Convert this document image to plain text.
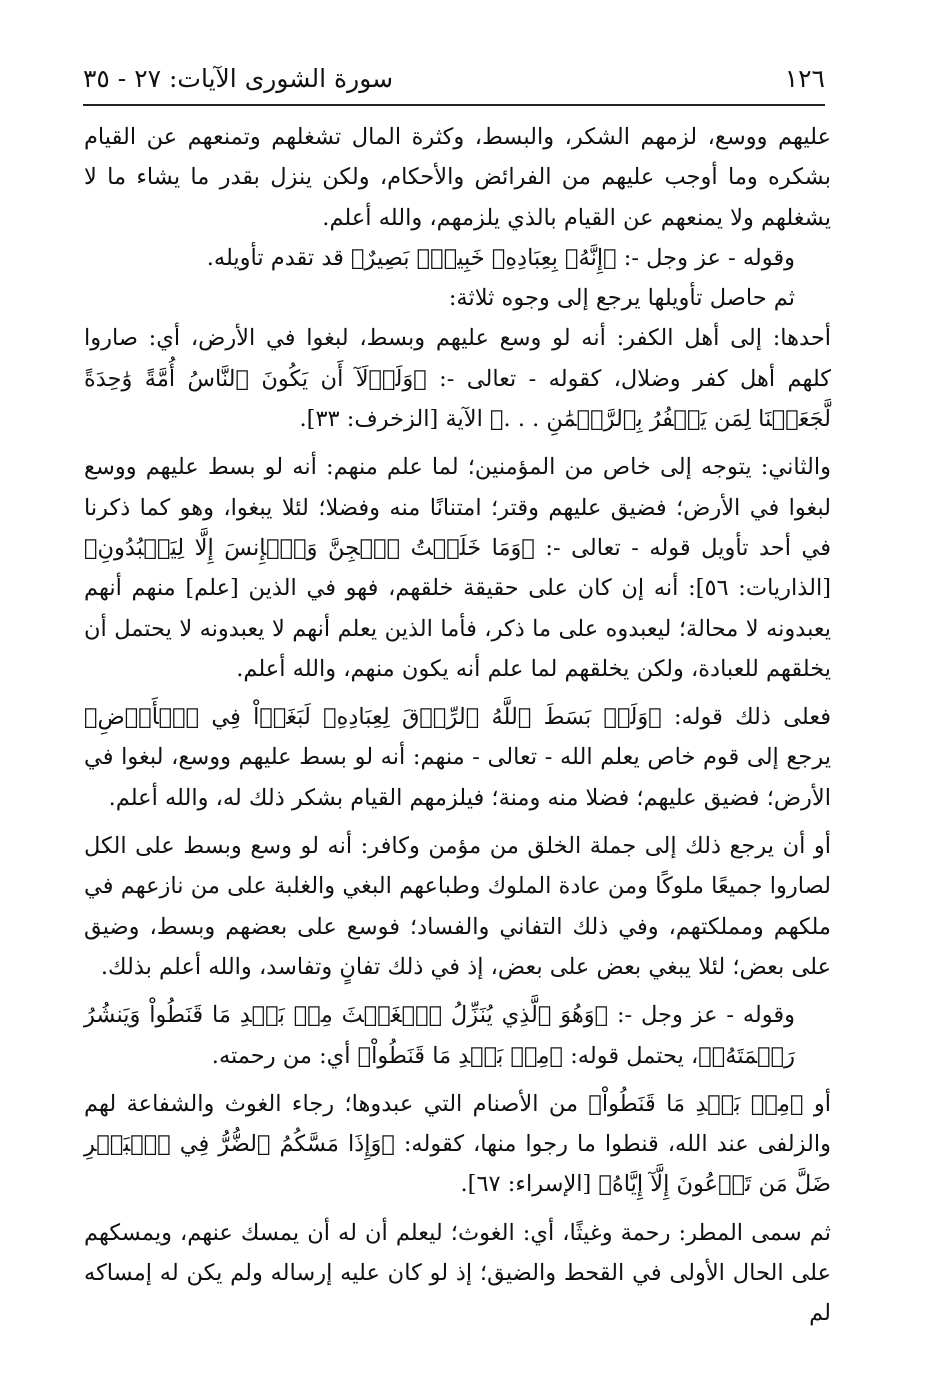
١٢٦
سورة الشورى الآيات: ٢٧ - ٣٥

عليهم ووسع، لزمهم الشكر، والبسط، وكثرة المال تشغلهم وتمنعهم عن القيام بشكره وما أوجب عليهم من الفرائض والأحكام، ولكن ينزل بقدر ما يشاء ما لا يشغلهم ولا يمنعهم عن القيام بالذي يلزمهم، والله أعلم.

وقوله - عز وجل -: ﴿إِنَّهُۥ بِعِبَادِهِۦ خَبِيرُۢ بَصِيرٌ﴾ قد تقدم تأويله.

ثم حاصل تأويلها يرجع إلى وجوه ثلاثة:

أحدها: إلى أهل الكفر: أنه لو وسع عليهم وبسط، لبغوا في الأرض، أي: صاروا كلهم أهل كفر وضلال، كقوله - تعالى -: ﴿وَلَوۡلَآ أَن يَكُونَ ٱلنَّاسُ أُمَّةً وَٰحِدَةً لَّجَعَلۡنَا لِمَن يَكۡفُرُ بِٱلرَّحۡمَٰنِ . . .﴾ الآية [الزخرف: ٣٣].

والثاني: يتوجه إلى خاص من المؤمنين؛ لما علم منهم: أنه لو بسط عليهم ووسع لبغوا في الأرض؛ فضيق عليهم وقتر؛ امتنانًا منه وفضلا؛ لئلا يبغوا، وهو كما ذكرنا في أحد تأويل قوله - تعالى -: ﴿وَمَا خَلَقۡتُ ٱلۡجِنَّ وَٱلۡإِنسَ إِلَّا لِيَعۡبُدُونِ﴾ [الذاريات: ٥٦]: أنه إن كان على حقيقة خلقهم، فهو في الذين [علم] منهم أنهم يعبدونه لا محالة؛ ليعبدوه على ما ذكر، فأما الذين يعلم أنهم لا يعبدونه لا يحتمل أن يخلقهم للعبادة، ولكن يخلقهم لما علم أنه يكون منهم، والله أعلم.

فعلى ذلك قوله: ﴿وَلَوۡ بَسَطَ ٱللَّهُ ٱلرِّزۡقَ لِعِبَادِهِۦ لَبَغَوۡاْ فِي ٱلۡأَرۡضِ﴾ يرجع إلى قوم خاص يعلم الله - تعالى - منهم: أنه لو بسط عليهم ووسع، لبغوا في الأرض؛ فضيق عليهم؛ فضلا منه ومنة؛ فيلزمهم القيام بشكر ذلك له، والله أعلم.

أو أن يرجع ذلك إلى جملة الخلق من مؤمن وكافر: أنه لو وسع وبسط على الكل لصاروا جميعًا ملوكًا ومن عادة الملوك وطباعهم البغي والغلبة على من نازعهم في ملكهم ومملكتهم، وفي ذلك التفاني والفساد؛ فوسع على بعضهم وبسط، وضيق على بعض؛ لئلا يبغي بعض على بعض، إذ في ذلك تفانٍ وتفاسد، والله أعلم بذلك.

وقوله - عز وجل -: ﴿وَهُوَ ٱلَّذِي يُنَزِّلُ ٱلۡغَيۡثَ مِنۢ بَعۡدِ مَا قَنَطُواْ وَيَنشُرُ رَحۡمَتَهُۥ﴾، يحتمل قوله: ﴿مِنۢ بَعۡدِ مَا قَنَطُواْ﴾ أي: من رحمته.

أو ﴿مِنۢ بَعۡدِ مَا قَنَطُواْ﴾ من الأصنام التي عبدوها؛ رجاء الغوث والشفاعة لهم والزلفى عند الله، قنطوا ما رجوا منها، كقوله: ﴿وَإِذَا مَسَّكُمُ ٱلضُّرُّ فِي ٱلۡبَحۡرِ ضَلَّ مَن تَدۡعُونَ إِلَّآ إِيَّاهُ﴾ [الإسراء: ٦٧].

ثم سمى المطر: رحمة وغيثًا، أي: الغوث؛ ليعلم أن له أن يمسك عنهم، ويمسكهم على الحال الأولى في القحط والضيق؛ إذ لو كان عليه إرساله ولم يكن له إمساكه لم
